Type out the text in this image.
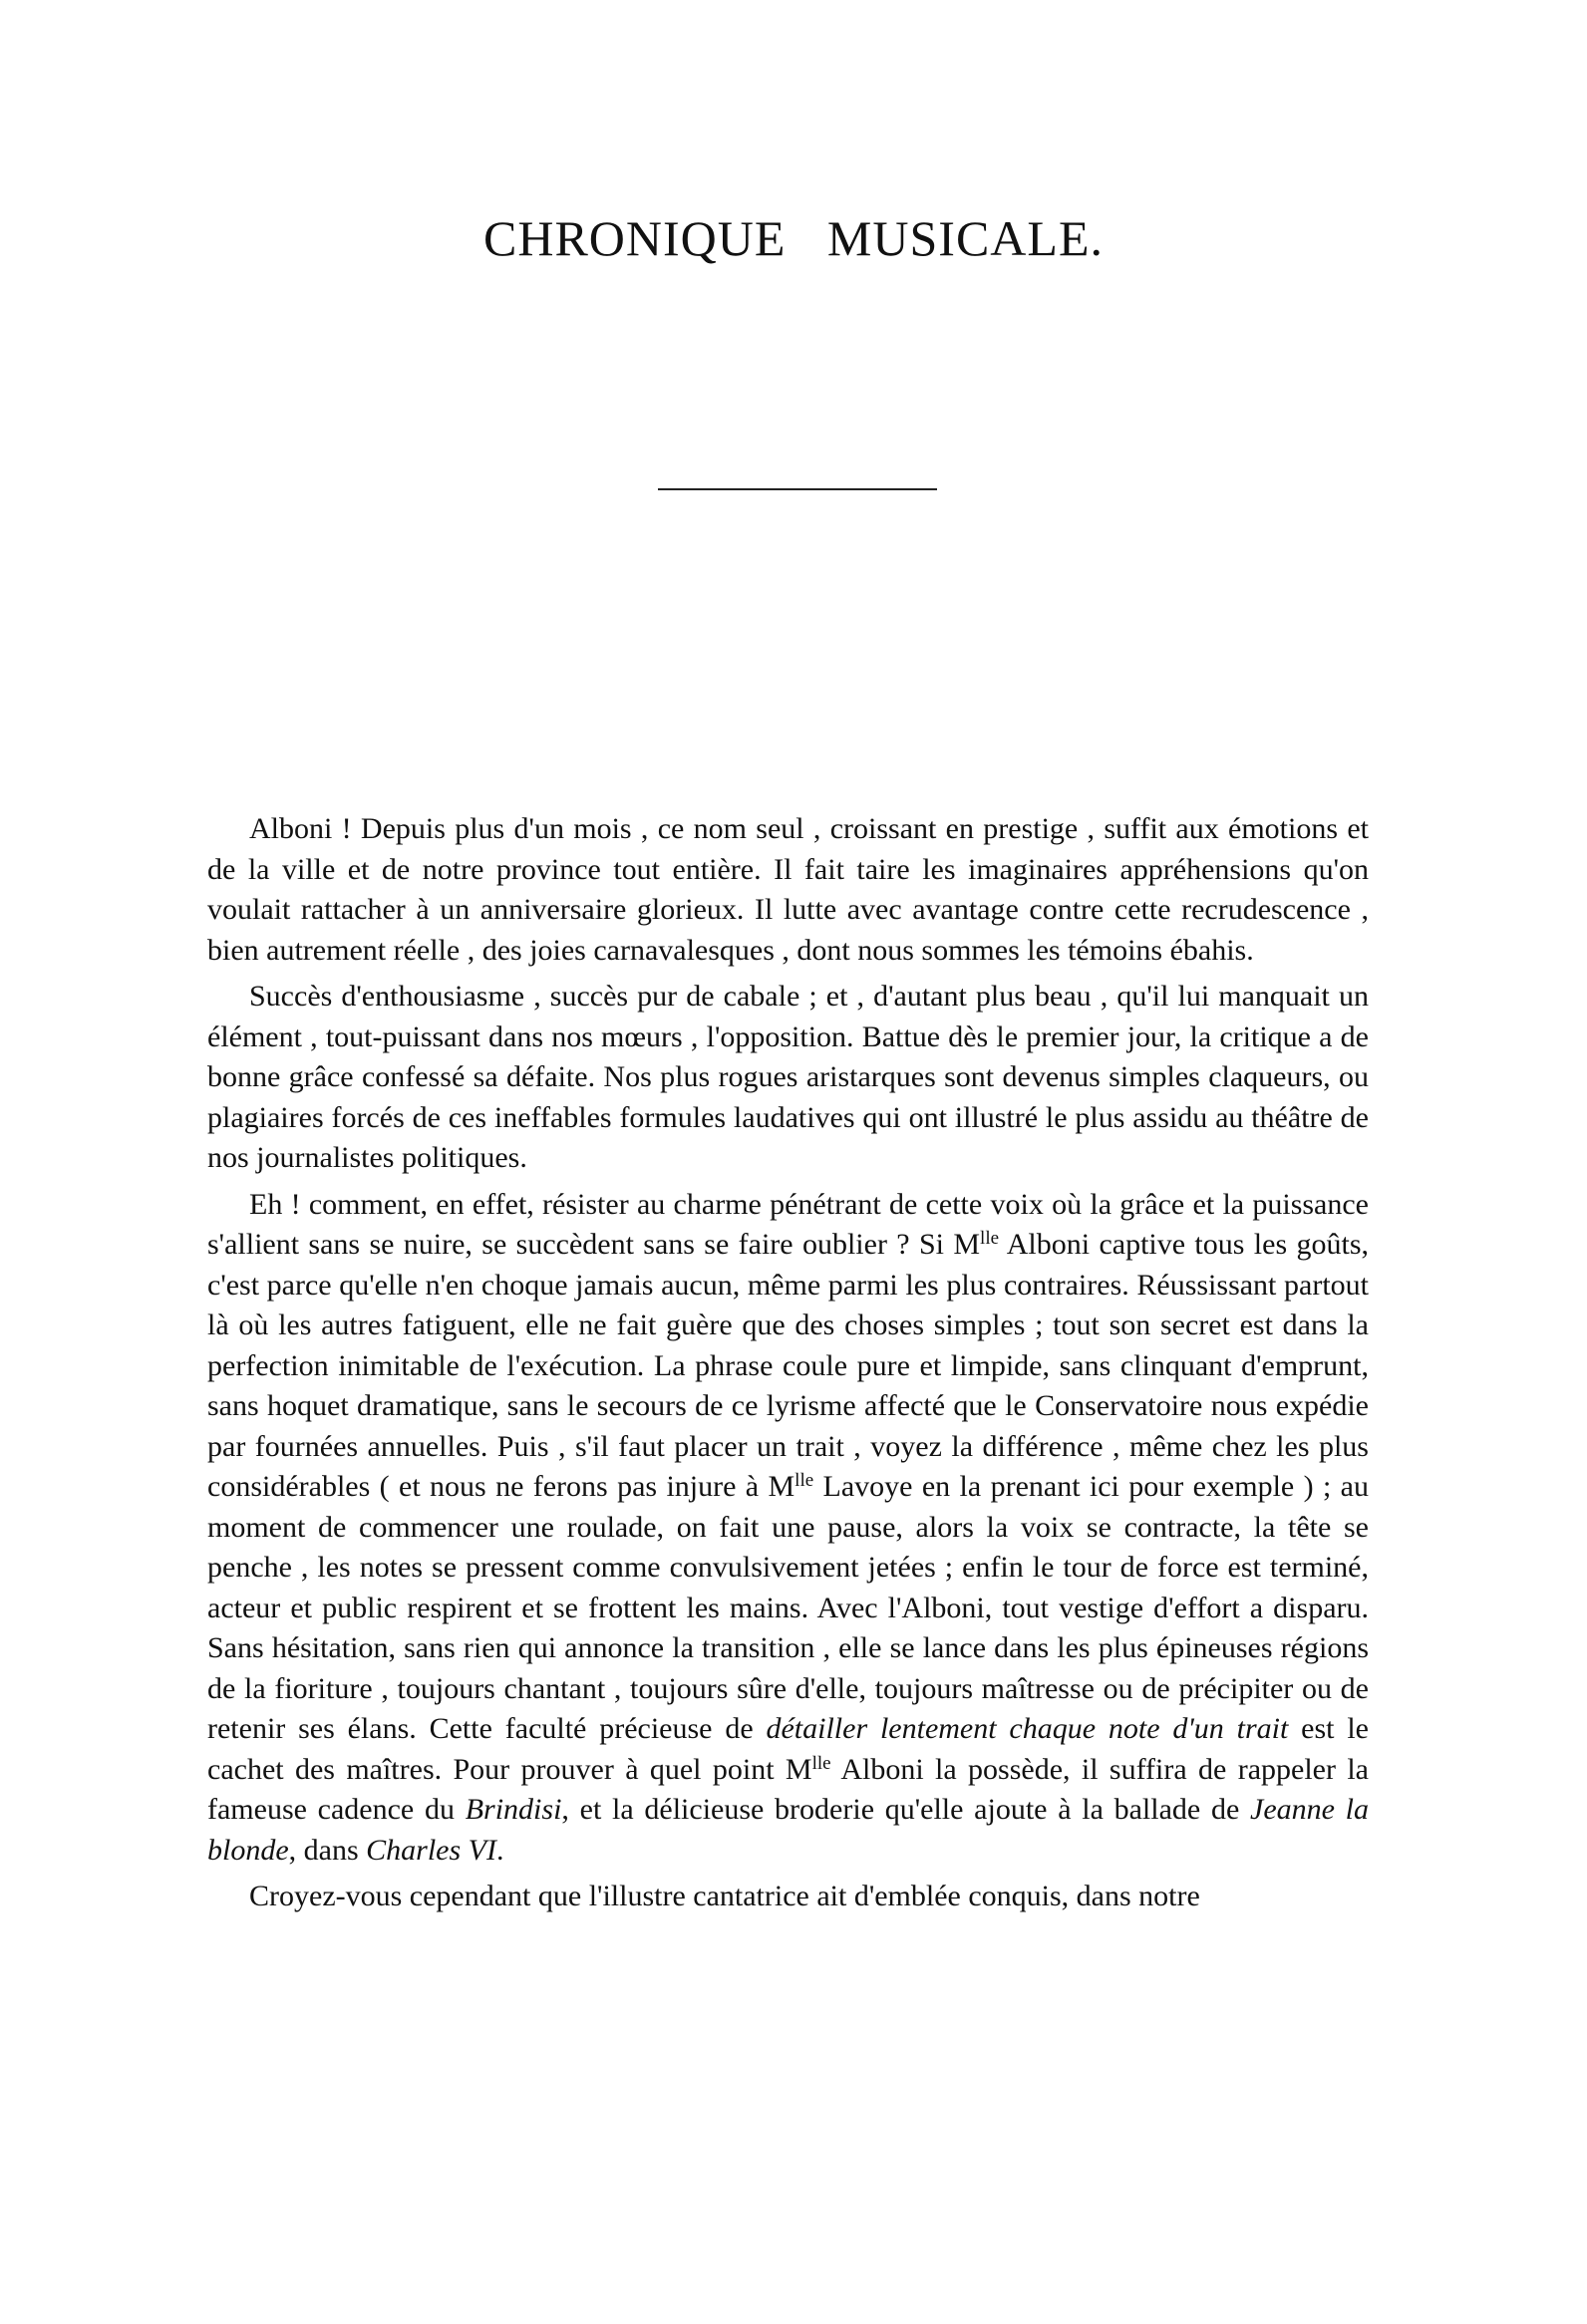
CHRONIQUE MUSICALE.

Alboni ! Depuis plus d'un mois , ce nom seul , croissant en prestige , suffit aux émotions et de la ville et de notre province tout entière. Il fait taire les imaginaires appréhensions qu'on voulait rattacher à un anniversaire glorieux. Il lutte avec avantage contre cette recrudescence , bien autrement réelle , des joies carnavalesques , dont nous sommes les témoins ébahis.

Succès d'enthousiasme , succès pur de cabale ; et , d'autant plus beau , qu'il lui manquait un élément , tout-puissant dans nos mœurs , l'opposition. Battue dès le premier jour, la critique a de bonne grâce confessé sa défaite. Nos plus rogues aristarques sont devenus simples claqueurs, ou plagiaires forcés de ces ineffables formules laudatives qui ont illustré le plus assidu au théâtre de nos journalistes politiques.

Eh ! comment, en effet, résister au charme pénétrant de cette voix où la grâce et la puissance s'allient sans se nuire, se succèdent sans se faire oublier ? Si $M^{lle}$ Alboni captive tous les goûts, c'est parce qu'elle n'en choque jamais aucun, même parmi les plus contraires. Réussissant partout là où les autres fatiguent, elle ne fait guère que des choses simples ; tout son secret est dans la perfection inimitable de l'exécution. La phrase coule pure et limpide, sans clinquant d'emprunt, sans hoquet dramatique, sans le secours de ce lyrisme affecté que le Conservatoire nous expédie par fournées annuelles. Puis , s'il faut placer un trait , voyez la différence , même chez les plus considérables ( et nous ne ferons pas injure à $M^{lle}$ Lavoye en la prenant ici pour exemple ) ; au moment de commencer une roulade, on fait une pause, alors la voix se contracte, la tête se penche , les notes se pressent comme convulsivement jetées ; enfin le tour de force est terminé, acteur et public respirent et se frottent les mains. Avec l'Alboni, tout vestige d'effort a disparu. Sans hésitation, sans rien qui annonce la transition , elle se lance dans les plus épineuses régions de la fioriture , toujours chantant , toujours sûre d'elle, toujours maîtresse ou de précipiter ou de retenir ses élans. Cette faculté précieuse de détailler lentement chaque note d'un trait est le cachet des maîtres. Pour prouver à quel point $M^{lle}$ Alboni la possède, il suffira de rappeler la fameuse cadence du Brindisi, et la délicieuse broderie qu'elle ajoute à la ballade de Jeanne la blonde, dans Charles VI.

Croyez-vous cependant que l'illustre cantatrice ait d'emblée conquis, dans notre
